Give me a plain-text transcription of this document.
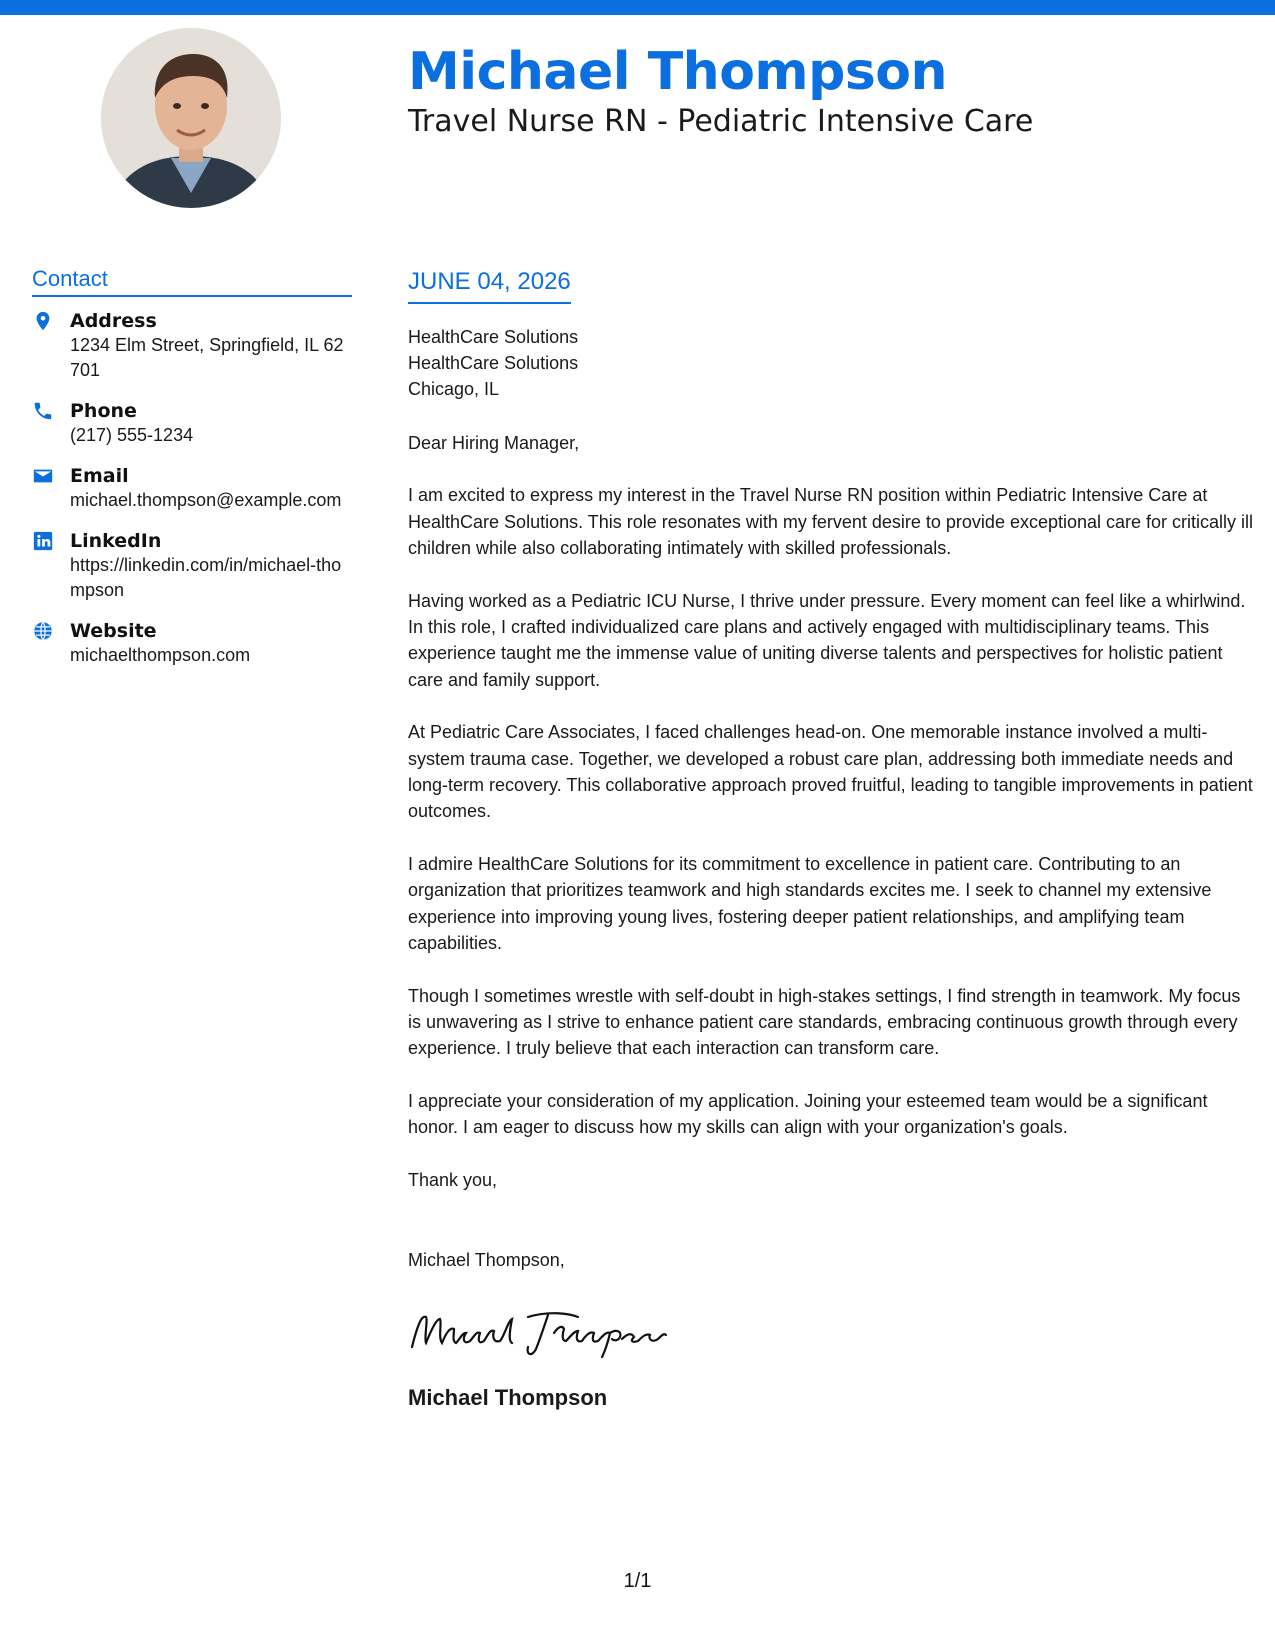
Michael Thompson
Travel Nurse RN - Pediatric Intensive Care
Contact
Address
1234 Elm Street, Springfield, IL 62701
Phone
(217) 555-1234
Email
michael.thompson@example.com
LinkedIn
https://linkedin.com/in/michael-thompson
Website
michaelthompson.com
JUNE 04, 2026

HealthCare Solutions

HealthCare Solutions

Chicago, IL

Dear Hiring Manager,

I am excited to express my interest in the Travel Nurse RN position within Pediatric Intensive Care at HealthCare Solutions. This role resonates with my fervent desire to provide exceptional care for critically ill children while also collaborating intimately with skilled professionals.

Having worked as a Pediatric ICU Nurse, I thrive under pressure. Every moment can feel like a whirlwind. In this role, I crafted individualized care plans and actively engaged with multidisciplinary teams. This experience taught me the immense value of uniting diverse talents and perspectives for holistic patient care and family support.

At Pediatric Care Associates, I faced challenges head-on. One memorable instance involved a multi-system trauma case. Together, we developed a robust care plan, addressing both immediate needs and long-term recovery. This collaborative approach proved fruitful, leading to tangible improvements in patient outcomes.

I admire HealthCare Solutions for its commitment to excellence in patient care. Contributing to an organization that prioritizes teamwork and high standards excites me. I seek to channel my extensive experience into improving young lives, fostering deeper patient relationships, and amplifying team capabilities.

Though I sometimes wrestle with self-doubt in high-stakes settings, I find strength in teamwork. My focus is unwavering as I strive to enhance patient care standards, embracing continuous growth through every experience. I truly believe that each interaction can transform care.

I appreciate your consideration of my application. Joining your esteemed team would be a significant honor. I am eager to discuss how my skills can align with your organization's goals.

Thank you,

Michael Thompson,

Michael Thompson

1/1
